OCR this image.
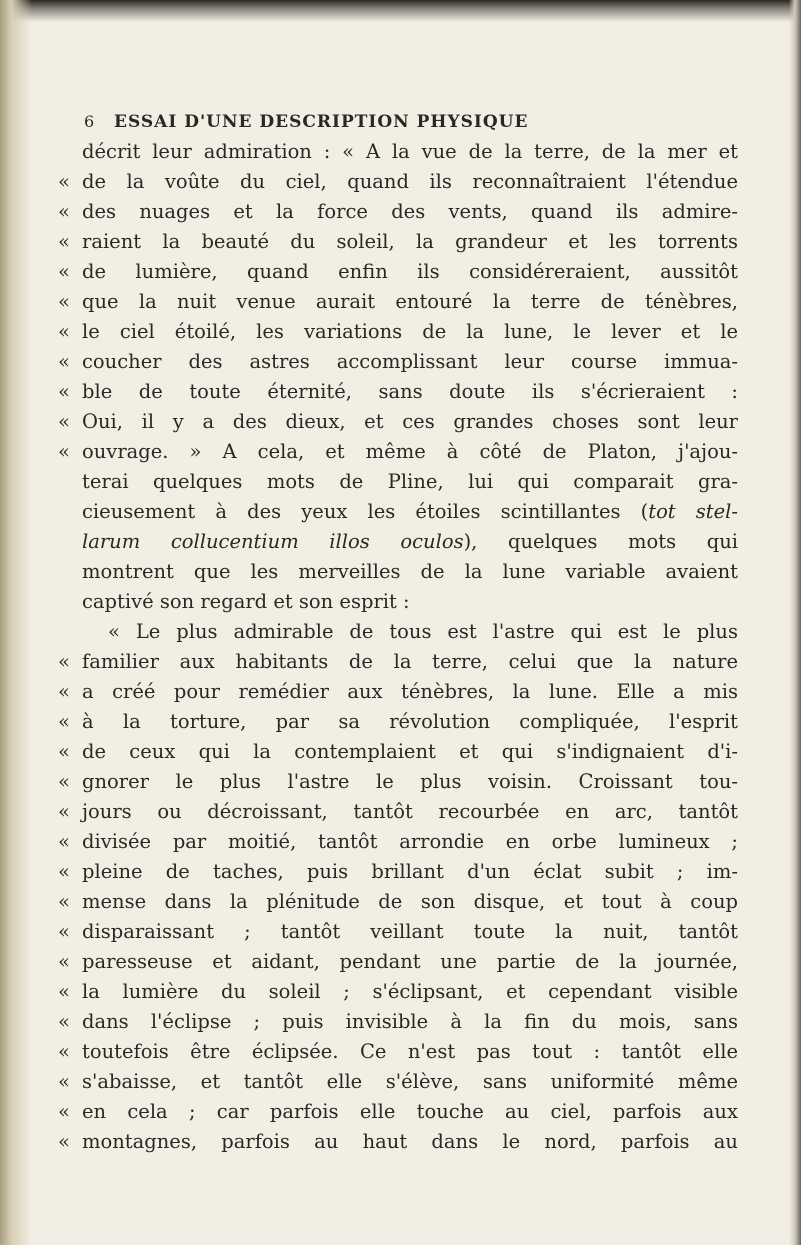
6 ESSAI D'UNE DESCRIPTION PHYSIQUE
décrit leur admiration : « A la vue de la terre, de la mer et
« de la voûte du ciel, quand ils reconnaîtraient l'étendue
« des nuages et la force des vents, quand ils admire-
« raient la beauté du soleil, la grandeur et les torrents
« de lumière, quand enfin ils considéreraient, aussitôt
« que la nuit venue aurait entouré la terre de ténèbres,
« le ciel étoilé, les variations de la lune, le lever et le
« coucher des astres accomplissant leur course immua-
« ble de toute éternité, sans doute ils s'écrieraient :
« Oui, il y a des dieux, et ces grandes choses sont leur
« ouvrage. » A cela, et même à côté de Platon, j'ajou-
terai quelques mots de Pline, lui qui comparait gra-
cieusement à des yeux les étoiles scintillantes (tot stel-
larum collucentium illos oculos), quelques mots qui
montrent que les merveilles de la lune variable avaient
captivé son regard et son esprit :
« Le plus admirable de tous est l'astre qui est le plus
« familier aux habitants de la terre, celui que la nature
« a créé pour remédier aux ténèbres, la lune. Elle a mis
« à la torture, par sa révolution compliquée, l'esprit
« de ceux qui la contemplaient et qui s'indignaient d'i-
« gnorer le plus l'astre le plus voisin. Croissant tou-
« jours ou décroissant, tantôt recourbée en arc, tantôt
« divisée par moitié, tantôt arrondie en orbe lumineux ;
« pleine de taches, puis brillant d'un éclat subit ; im-
« mense dans la plénitude de son disque, et tout à coup
« disparaissant ; tantôt veillant toute la nuit, tantôt
« paresseuse et aidant, pendant une partie de la journée,
« la lumière du soleil ; s'éclipsant, et cependant visible
« dans l'éclipse ; puis invisible à la fin du mois, sans
« toutefois être éclipsée. Ce n'est pas tout : tantôt elle
« s'abaisse, et tantôt elle s'élève, sans uniformité même
« en cela ; car parfois elle touche au ciel, parfois aux
« montagnes, parfois au haut dans le nord, parfois au
